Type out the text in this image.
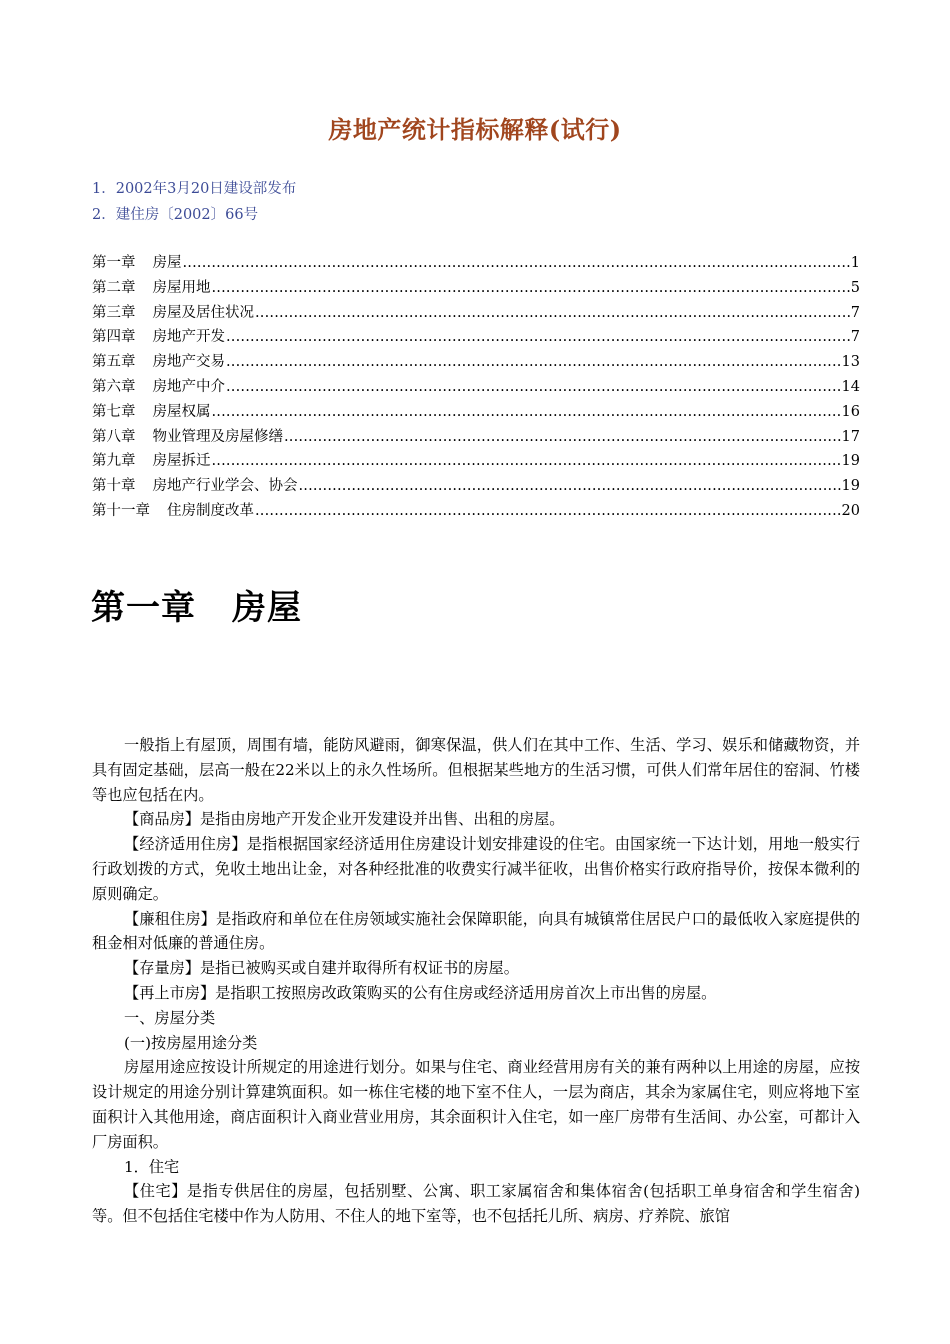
房地产统计指标解释(试行)
1．2002年3月20日建设部发布
2．建住房〔2002〕66号
第一章 房屋 .....	1
第二章 房屋用地 .....	5
第三章 房屋及居住状况 .....	7
第四章 房地产开发 .....	7
第五章 房地产交易 .....	13
第六章 房地产中介 .....	14
第七章 房屋权属 .....	16
第八章 物业管理及房屋修缮 .....	17
第九章 房屋拆迁 .....	19
第十章 房地产行业学会、协会 .....	19
第十一章 住房制度改革 .....	20
第一章 房屋

一般指上有屋顶，周围有墙，能防风避雨，御寒保温，供人们在其中工作、生活、学习、娱乐和储藏物资，并具有固定基础，层高一般在22米以上的永久性场所。但根据某些地方的生活习惯，可供人们常年居住的窑洞、竹楼等也应包括在内。

【商品房】是指由房地产开发企业开发建设并出售、出租的房屋。

【经济适用住房】是指根据国家经济适用住房建设计划安排建设的住宅。由国家统一下达计划，用地一般实行行政划拨的方式，免收土地出让金，对各种经批准的收费实行减半征收，出售价格实行政府指导价，按保本微利的原则确定。

【廉租住房】是指政府和单位在住房领域实施社会保障职能，向具有城镇常住居民户口的最低收入家庭提供的租金相对低廉的普通住房。

【存量房】是指已被购买或自建并取得所有权证书的房屋。

【再上市房】是指职工按照房改政策购买的公有住房或经济适用房首次上市出售的房屋。

一、房屋分类

(一)按房屋用途分类

房屋用途应按设计所规定的用途进行划分。如果与住宅、商业经营用房有关的兼有两种以上用途的房屋，应按设计规定的用途分别计算建筑面积。如一栋住宅楼的地下室不住人，一层为商店，其余为家属住宅，则应将地下室面积计入其他用途，商店面积计入商业营业用房，其余面积计入住宅，如一座厂房带有生活间、办公室，可都计入厂房面积。

1．住宅

【住宅】是指专供居住的房屋，包括别墅、公寓、职工家属宿舍和集体宿舍(包括职工单身宿舍和学生宿舍)等。但不包括住宅楼中作为人防用、不住人的地下室等，也不包括托儿所、病房、疗养院、旅馆
